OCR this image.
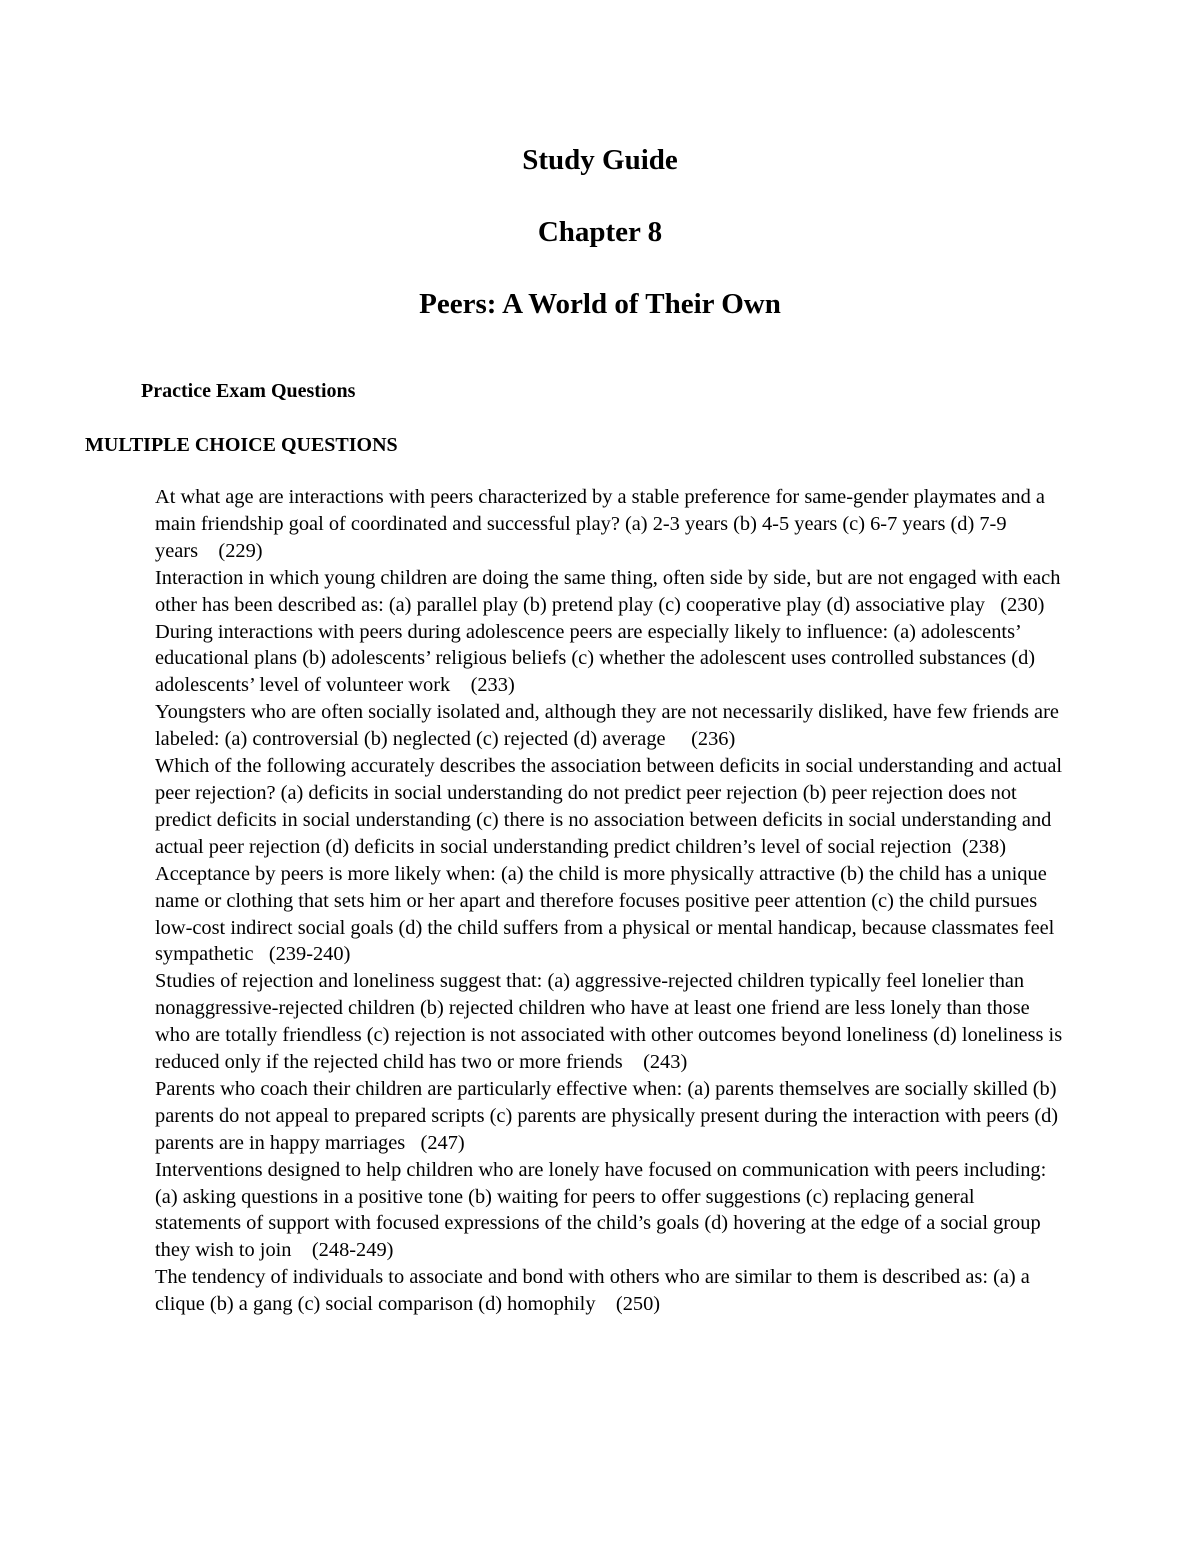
Study Guide
Chapter 8
Peers: A World of Their Own

Practice Exam Questions

MULTIPLE CHOICE QUESTIONS

At what age are interactions with peers characterized by a stable preference for same-gender playmates and a main friendship goal of coordinated and successful play? (a) 2-3 years (b) 4-5 years (c) 6-7 years (d) 7-9 years    (229)
Interaction in which young children are doing the same thing, often side by side, but are not engaged with each other has been described as: (a) parallel play (b) pretend play (c) cooperative play (d) associative play   (230)
During interactions with peers during adolescence peers are especially likely to influence: (a) adolescents’ educational plans (b) adolescents’ religious beliefs (c) whether the adolescent uses controlled substances (d) adolescents’ level of volunteer work    (233)
Youngsters who are often socially isolated and, although they are not necessarily disliked, have few friends are labeled: (a) controversial (b) neglected (c) rejected (d) average     (236)
Which of the following accurately describes the association between deficits in social understanding and actual peer rejection? (a) deficits in social understanding do not predict peer rejection (b) peer rejection does not predict deficits in social understanding (c) there is no association between deficits in social understanding and actual peer rejection (d) deficits in social understanding predict children’s level of social rejection  (238)
Acceptance by peers is more likely when: (a) the child is more physically attractive (b) the child has a unique name or clothing that sets him or her apart and therefore focuses positive peer attention (c) the child pursues low-cost indirect social goals (d) the child suffers from a physical or mental handicap, because classmates feel sympathetic   (239-240)
Studies of rejection and loneliness suggest that: (a) aggressive-rejected children typically feel lonelier than nonaggressive-rejected children (b) rejected children who have at least one friend are less lonely than those who are totally friendless (c) rejection is not associated with other outcomes beyond loneliness (d) loneliness is reduced only if the rejected child has two or more friends    (243)
Parents who coach their children are particularly effective when: (a) parents themselves are socially skilled (b) parents do not appeal to prepared scripts (c) parents are physically present during the interaction with peers (d) parents are in happy marriages   (247)
Interventions designed to help children who are lonely have focused on communication with peers including: (a) asking questions in a positive tone (b) waiting for peers to offer suggestions (c) replacing general statements of support with focused expressions of the child’s goals (d) hovering at the edge of a social group they wish to join    (248-249)
The tendency of individuals to associate and bond with others who are similar to them is described as: (a) a clique (b) a gang (c) social comparison (d) homophily    (250)
